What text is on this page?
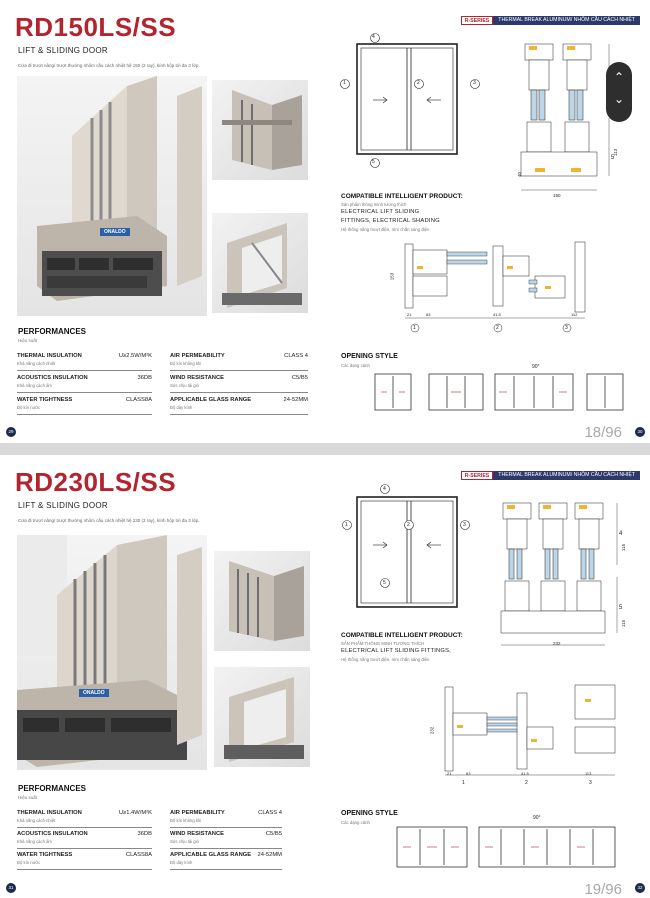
RD150LS/SS
LIFT & SLIDING DOOR
Cửa đi trượt nâng/ trượt thường nhôm cầu cách nhiệt hệ 150 (2 ray), kính hộp tới đa 3 lớp.
ONALDO
PERFORMANCES
Hiệu suất
THERMAL INSULATION
Khả năng cách nhiệt
U≥2.5W/M²K
ACOUSTICS INSULATION
Khả năng cách âm
36DB
WATER TIGHTNESS
Độ kín nước
CLASS8A
AIR PERMEABILITY
Độ kín không khí
CLASS 4
WIND RESISTANCE
Sức chịu tải gió
C5/B5
APPLICABLE GLASS RANGE
Độ dày kính
24-52MM
29
R-SERIES	THERMAL BREAK ALUMINUM/ NHÔM CẦU CÁCH NHIỆT
4
1	2	3
5
113
150
40
5
COMPATIBLE INTELLIGENT PRODUCT:
Sản phẩm thông minh tương thích
ELECTRICAL LIFT SLIDING
FITTINGS, ELECTRICAL SHADING
Hệ thống nâng trượt điện, rèm chắn sáng điện
153
21	63	41.5	112
1	2	3
OPENING STYLE
Các dạng cánh	90°
18/96	30
⌃
⌄
RD230LS/SS
LIFT & SLIDING DOOR
Cửa đi trượt nâng/ trượt thường nhôm cầu cách nhiệt hệ 230 (3 ray), kính hộp tới đa 3 lớp.
ONALDO
PERFORMANCES
Hiệu suất
THERMAL INSULATION
Khả năng cách nhiệt
U≥1.4W/M²K
ACOUSTICS INSULATION
Khả năng cách âm
36DB
WATER TIGHTNESS
Độ kín nước
CLASS8A
AIR PERMEABILITY
Độ kín không khí
CLASS 4
WIND RESISTANCE
Sức chịu tải gió
C5/B5
APPLICABLE GLASS RANGE
Độ dày kính
24-52MM
31
R-SERIES	THERMAL BREAK ALUMINUM/ NHÔM CẦU CÁCH NHIỆT
4
1	2	3
5
4
115
115
5
232
COMPATIBLE INTELLIGENT PRODUCT:
SẢN PHẨM THÔNG MINH TƯƠNG THÍCH
ELECTRICAL LIFT SLIDING FITTINGS,
Hệ thống nâng trượt điện, rèm chắn sáng điện
232
21	63	41.5	113
1	2	3
OPENING STYLE
Các dạng cánh
90°
19/96	32
